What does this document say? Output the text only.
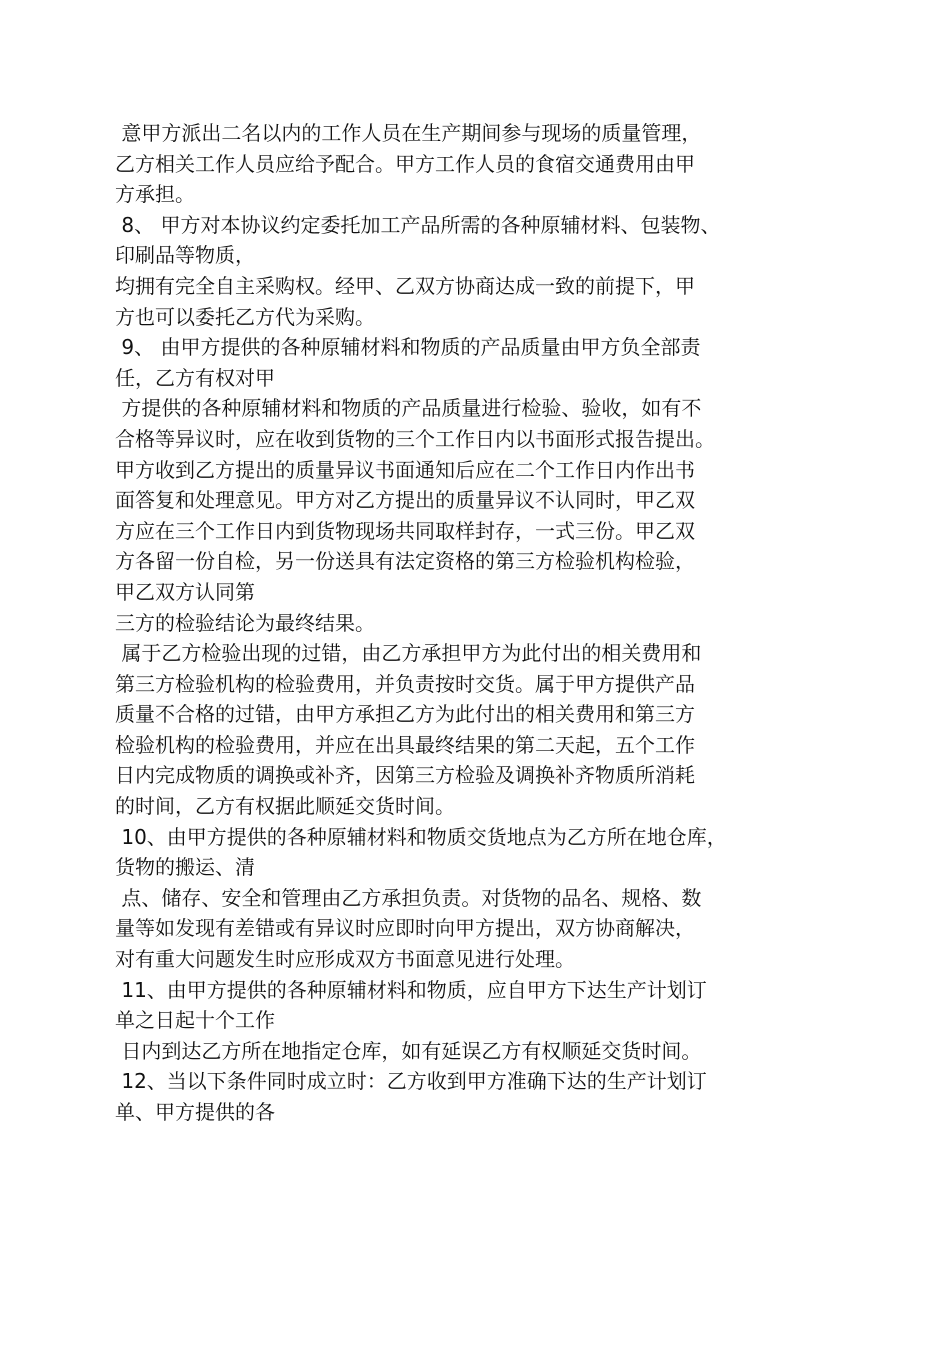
意甲方派出二名以内的工作人员在生产期间参与现场的质量管理，
乙方相关工作人员应给予配合。甲方工作人员的食宿交通费用由甲
方承担。
8、 甲方对本协议约定委托加工产品所需的各种原辅材料、包装物、
印刷品等物质，
均拥有完全自主采购权。经甲、乙双方协商达成一致的前提下，甲
方也可以委托乙方代为采购。
9、 由甲方提供的各种原辅材料和物质的产品质量由甲方负全部责
任，乙方有权对甲
方提供的各种原辅材料和物质的产品质量进行检验、验收，如有不
合格等异议时，应在收到货物的三个工作日内以书面形式报告提出。
甲方收到乙方提出的质量异议书面通知后应在二个工作日内作出书
面答复和处理意见。甲方对乙方提出的质量异议不认同时，甲乙双
方应在三个工作日内到货物现场共同取样封存，一式三份。甲乙双
方各留一份自检，另一份送具有法定资格的第三方检验机构检验，
甲乙双方认同第
三方的检验结论为最终结果。
属于乙方检验出现的过错，由乙方承担甲方为此付出的相关费用和
第三方检验机构的检验费用，并负责按时交货。属于甲方提供产品
质量不合格的过错，由甲方承担乙方为此付出的相关费用和第三方
检验机构的检验费用，并应在出具最终结果的第二天起，五个工作
日内完成物质的调换或补齐，因第三方检验及调换补齐物质所消耗
的时间，乙方有权据此顺延交货时间。
10、由甲方提供的各种原辅材料和物质交货地点为乙方所在地仓库，
货物的搬运、清
点、储存、安全和管理由乙方承担负责。对货物的品名、规格、数
量等如发现有差错或有异议时应即时向甲方提出，双方协商解决，
对有重大问题发生时应形成双方书面意见进行处理。
11、由甲方提供的各种原辅材料和物质，应自甲方下达生产计划订
单之日起十个工作
日内到达乙方所在地指定仓库，如有延误乙方有权顺延交货时间。
12、当以下条件同时成立时：乙方收到甲方准确下达的生产计划订
单、甲方提供的各
